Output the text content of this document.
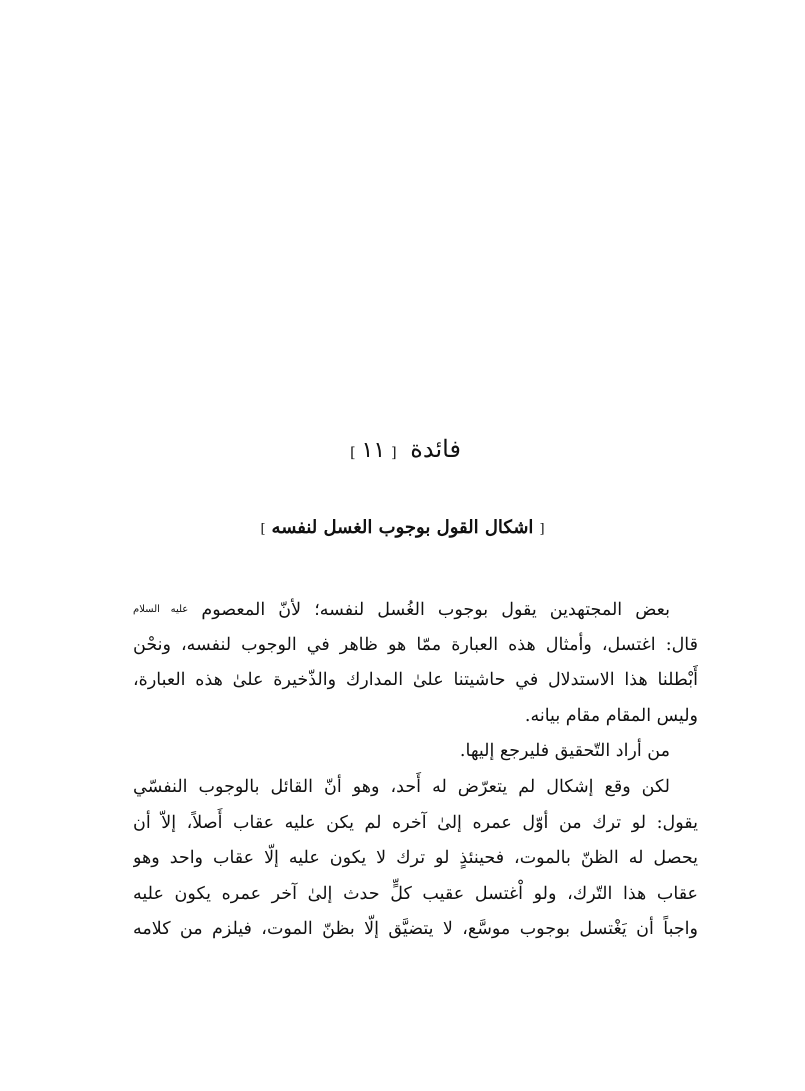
فائدة [١١]
[اشكال القول بوجوب الغسل لنفسه]
بعض المجتهدين يقول بوجوب الغُسل لنفسه؛ لأنّ المعصوم عليه السلام
قال: اغتسل، وأمثال هذه العبارة ممّا هو ظاهر في الوجوب لنفسه، ونحْن
أَبْطلنا هذا الاستدلال في حاشيتنا علىٰ المدارك والذّخيرة علىٰ هذه العبارة،
وليس المقام مقام بيانه.
من أراد التّحقيق فليرجع إليها.
لكن وقع إشكال لم يتعرّض له أَحد، وهو أنّ القائل بالوجوب النفسّي
يقول: لو ترك من أوّل عمره إلىٰ آخره لم يكن عليه عقاب أَصلاً، إلاّ أن
يحصل له الظنّ بالموت، فحينئذٍ لو ترك لا يكون عليه إلّا عقاب واحد وهو
عقاب هذا التّرك، ولو اْغتسل عقيب كلٍّ حدث إلىٰ آخر عمره يكون عليه
واجباً أن يَغْتسل بوجوب موسَّع، لا يتضيَّق إلّا بظنّ الموت، فيلزم من كلامه
